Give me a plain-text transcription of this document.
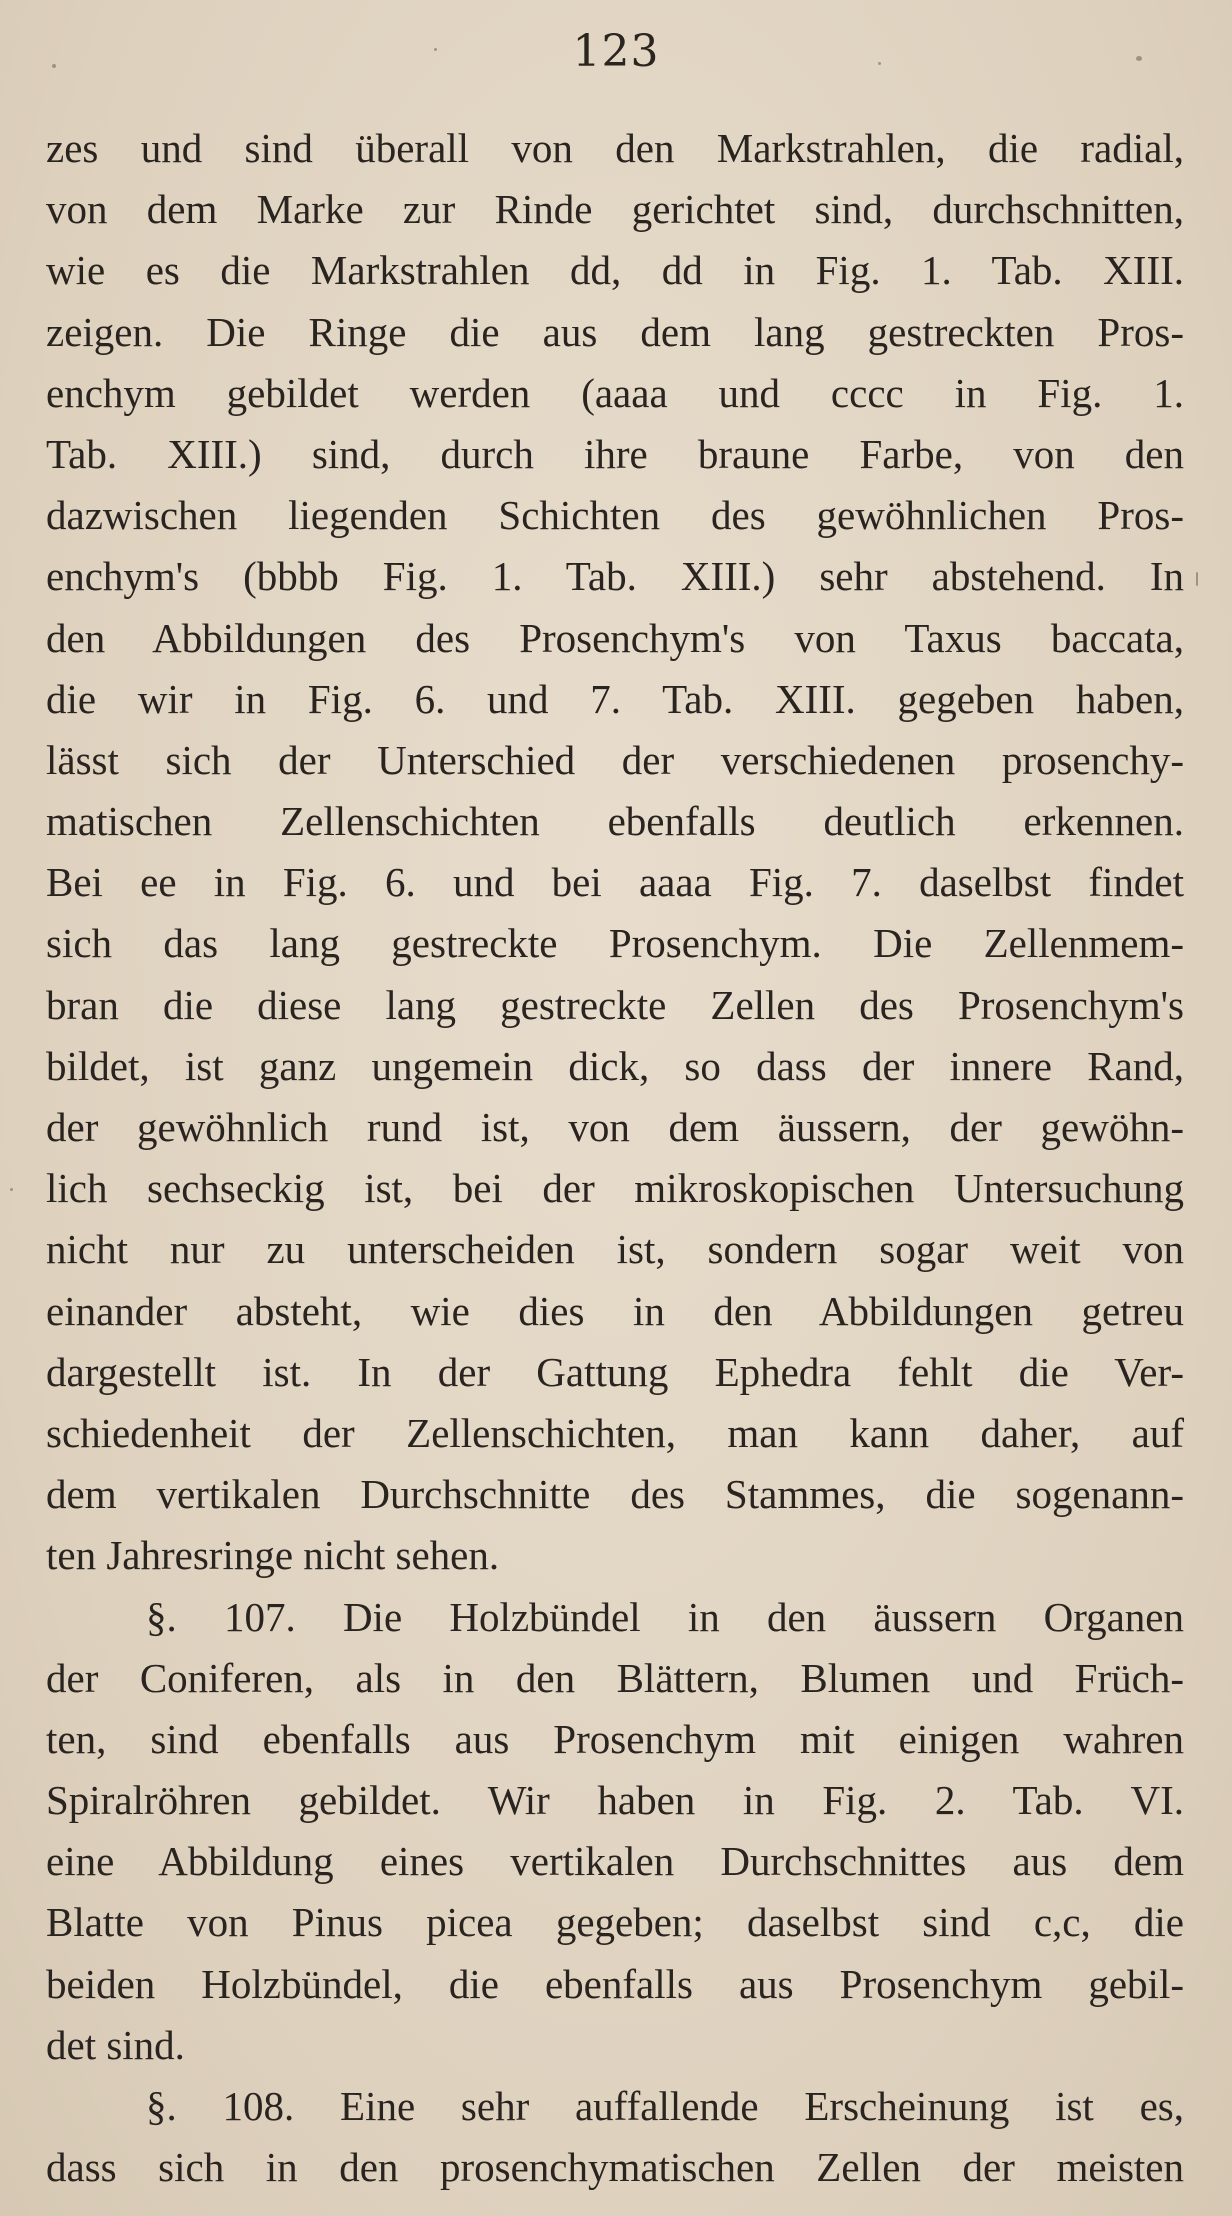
123
zes und sind überall von den Markstrahlen, die radial,
von dem Marke zur Rinde gerichtet sind, durchschnitten,
wie es die Markstrahlen dd, dd in Fig. 1. Tab. XIII.
zeigen. Die Ringe die aus dem lang gestreckten Pros-
enchym gebildet werden (aaaa und cccc in Fig. 1.
Tab. XIII.) sind, durch ihre braune Farbe, von den
dazwischen liegenden Schichten des gewöhnlichen Pros-
enchym's (bbbb Fig. 1. Tab. XIII.) sehr abstehend. In
den Abbildungen des Prosenchym's von Taxus baccata,
die wir in Fig. 6. und 7. Tab. XIII. gegeben haben,
lässt sich der Unterschied der verschiedenen prosenchy-
matischen Zellenschichten ebenfalls deutlich erkennen.
Bei ee in Fig. 6. und bei aaaa Fig. 7. daselbst findet
sich das lang gestreckte Prosenchym. Die Zellenmem-
bran die diese lang gestreckte Zellen des Prosenchym's
bildet, ist ganz ungemein dick, so dass der innere Rand,
der gewöhnlich rund ist, von dem äussern, der gewöhn-
lich sechseckig ist, bei der mikroskopischen Untersuchung
nicht nur zu unterscheiden ist, sondern sogar weit von
einander absteht, wie dies in den Abbildungen getreu
dargestellt ist. In der Gattung Ephedra fehlt die Ver-
schiedenheit der Zellenschichten, man kann daher, auf
dem vertikalen Durchschnitte des Stammes, die sogenann-
ten Jahresringe nicht sehen.
§. 107. Die Holzbündel in den äussern Organen
der Coniferen, als in den Blättern, Blumen und Früch-
ten, sind ebenfalls aus Prosenchym mit einigen wahren
Spiralröhren gebildet. Wir haben in Fig. 2. Tab. VI.
eine Abbildung eines vertikalen Durchschnittes aus dem
Blatte von Pinus picea gegeben; daselbst sind c,c, die
beiden Holzbündel, die ebenfalls aus Prosenchym gebil-
det sind.
§. 108. Eine sehr auffallende Erscheinung ist es,
dass sich in den prosenchymatischen Zellen der meisten
